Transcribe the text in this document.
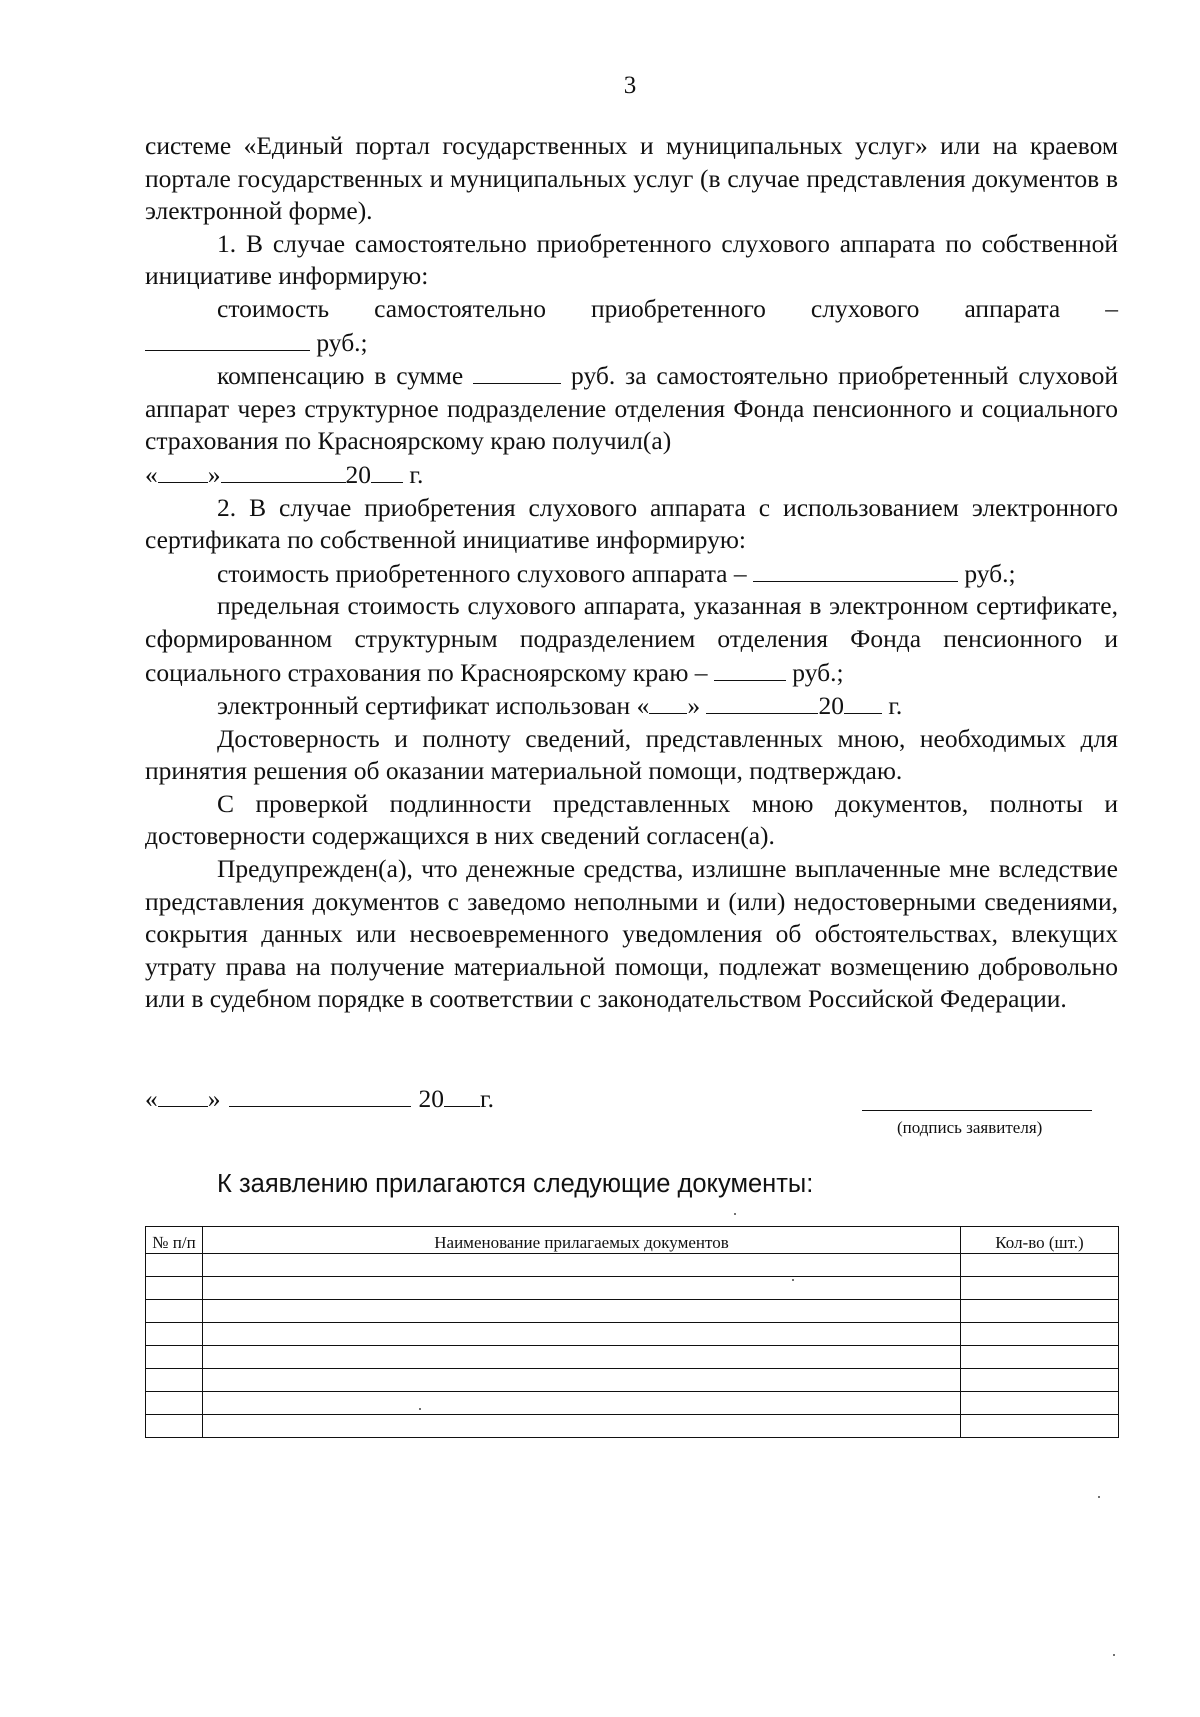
3

системе «Единый портал государственных и муниципальных услуг» или на краевом портале государственных и муниципальных услуг (в случае представления документов в электронной форме).

1. В случае самостоятельно приобретенного слухового аппарата по собственной инициативе информирую:

стоимость самостоятельно приобретенного слухового аппарата –

руб.;

компенсацию в сумме	руб. за самостоятельно приобретенный слуховой аппарат через структурное подразделение отделения Фонда пенсионного и социального страхования по Красноярскому краю получил(а)

« »	20 г.

2. В случае приобретения слухового аппарата с использованием электронного сертификата по собственной инициативе информирую:

стоимость приобретенного слухового аппарата –	руб.;

предельная стоимость слухового аппарата, указанная в электронном сертификате, сформированном структурным подразделением отделения Фонда пенсионного и социального страхования по Красноярскому краю –	руб.;

электронный сертификат использован « »	20 г.

Достоверность и полноту сведений, представленных мною, необходимых для принятия решения об оказании материальной помощи, подтверждаю.

С проверкой подлинности представленных мною документов, полноты и достоверности содержащихся в них сведений согласен(а).

Предупрежден(а), что денежные средства, излишне выплаченные мне вследствие представления документов с заведомо неполными и (или) недостоверными сведениями, сокрытия данных или несвоевременного уведомления об обстоятельствах, влекущих утрату права на получение материальной помощи, подлежат возмещению добровольно или в судебном порядке в соответствии с законодательством Российской Федерации.

« »	20 г.
(подпись заявителя)
К заявлению прилагаются следующие документы:
№ п/п	Наименование прилагаемых документов	Кол-во (шт.)
